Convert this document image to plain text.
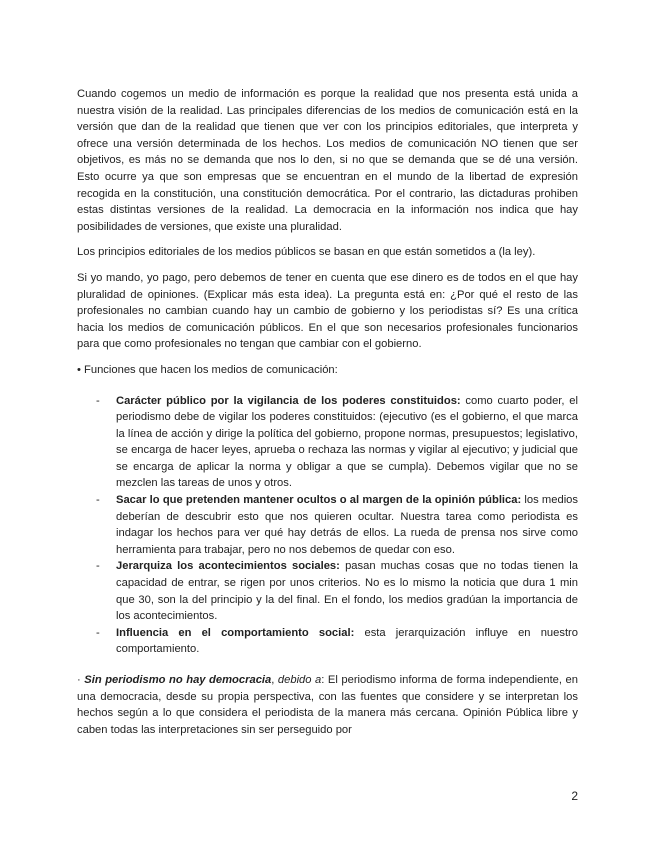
Cuando cogemos un medio de información es porque la realidad que nos presenta está unida a nuestra visión de la realidad. Las principales diferencias de los medios de comunicación está en la versión que dan de la realidad que tienen que ver con los principios editoriales, que interpreta y ofrece una versión determinada de los hechos. Los medios de comunicación NO tienen que ser objetivos, es más no se demanda que nos lo den, si no que se demanda que se dé una versión. Esto ocurre ya que son empresas que se encuentran en el mundo de la libertad de expresión recogida en la constitución, una constitución democrática. Por el contrario, las dictaduras prohiben estas distintas versiones de la realidad. La democracia en la información nos indica que hay posibilidades de versiones, que existe una pluralidad.

Los principios editoriales de los medios públicos se basan en que están sometidos a (la ley).

Si yo mando, yo pago, pero debemos de tener en cuenta que ese dinero es de todos en el que hay pluralidad de opiniones. (Explicar más esta idea). La pregunta está en: ¿Por qué el resto de las profesionales no cambian cuando hay un cambio de gobierno y los periodistas sí? Es una crítica hacia los medios de comunicación públicos. En el que son necesarios profesionales funcionarios para que como profesionales no tengan que cambiar con el gobierno.

• Funciones que hacen los medios de comunicación:

- Carácter público por la vigilancia de los poderes constituidos: como cuarto poder, el periodismo debe de vigilar los poderes constituidos: (ejecutivo (es el gobierno, el que marca la línea de acción y dirige la política del gobierno, propone normas, presupuestos; legislativo, se encarga de hacer leyes, aprueba o rechaza las normas y vigilar al ejecutivo; y judicial que se encarga de aplicar la norma y obligar a que se cumpla). Debemos vigilar que no se mezclen las tareas de unos y otros.
- Sacar lo que pretenden mantener ocultos o al margen de la opinión pública: los medios deberían de descubrir esto que nos quieren ocultar. Nuestra tarea como periodista es indagar los hechos para ver qué hay detrás de ellos. La rueda de prensa nos sirve como herramienta para trabajar, pero no nos debemos de quedar con eso.
- Jerarquiza los acontecimientos sociales: pasan muchas cosas que no todas tienen la capacidad de entrar, se rigen por unos criterios. No es lo mismo la noticia que dura 1 min que 30, son la del principio y la del final. En el fondo, los medios gradúan la importancia de los acontecimientos.
- Influencia en el comportamiento social: esta jerarquización influye en nuestro comportamiento.

· Sin periodismo no hay democracia, debido a: El periodismo informa de forma independiente, en una democracia, desde su propia perspectiva, con las fuentes que considere y se interpretan los hechos según a lo que considera el periodista de la manera más cercana. Opinión Pública libre y caben todas las interpretaciones sin ser perseguido por

2
